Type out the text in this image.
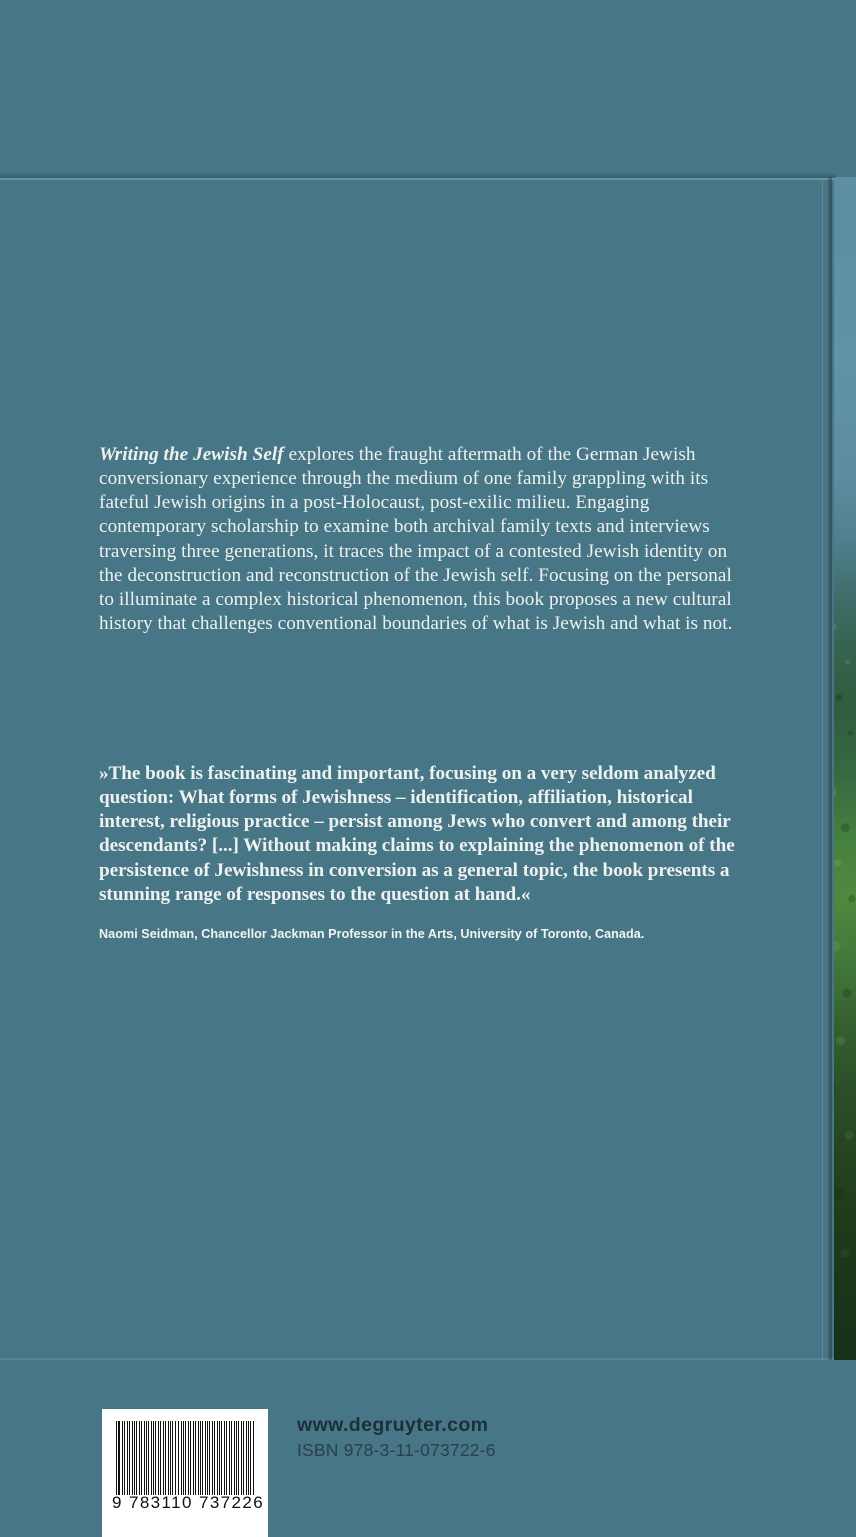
Writing the Jewish Self explores the fraught aftermath of the German Jewish conversionary experience through the medium of one family grappling with its fateful Jewish origins in a post-Holocaust, post-exilic milieu. Engaging contemporary scholarship to examine both archival family texts and interviews traversing three generations, it traces the impact of a contested Jewish identity on the deconstruction and reconstruction of the Jewish self. Focusing on the personal to illuminate a complex historical phenomenon, this book proposes a new cultural history that challenges conventional boundaries of what is Jewish and what is not.

»The book is fascinating and important, focusing on a very seldom analyzed question: What forms of Jewishness – identification, affiliation, historical interest, religious practice – persist among Jews who convert and among their descendants? [...] Without making claims to explaining the phenomenon of the persistence of Jewishness in conversion as a general topic, the book presents a stunning range of responses to the question at hand.«

Naomi Seidman, Chancellor Jackman Professor in the Arts, University of Toronto, Canada.

9 783110 737226
www.degruyter.com
ISBN 978-3-11-073722-6
